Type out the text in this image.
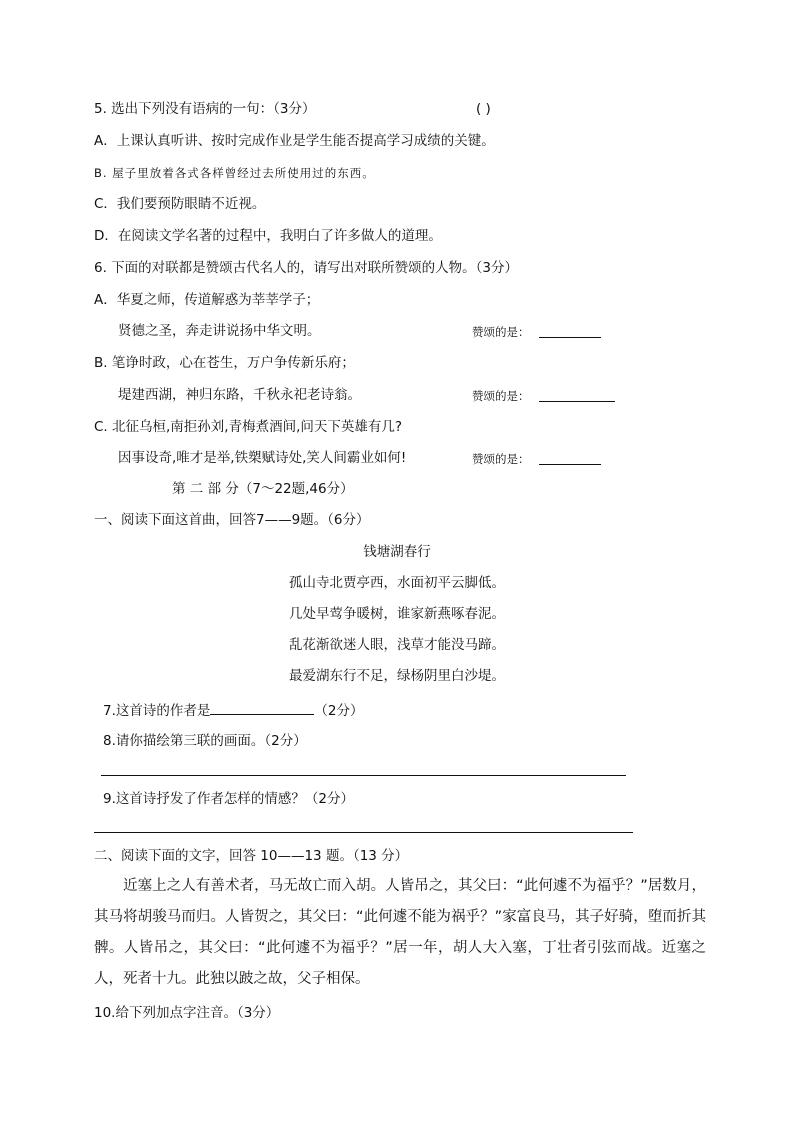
5. 选出下列没有语病的一句：（3分）	( )
A．上课认真听讲、按时完成作业是学生能否提高学习成绩的关键。
B. 屋子里放着各式各样曾经过去所使用过的东西。
C．我们要预防眼睛不近视。
D．在阅读文学名著的过程中，我明白了许多做人的道理。
6. 下面的对联都是赞颂古代名人的，请写出对联所赞颂的人物。（3分）
A．华夏之师，传道解惑为莘莘学子；
贤德之圣，奔走讲说扬中华文明。	赞颂的是：
B. 笔诤时政，心在苍生，万户争传新乐府；
堤建西湖，神归东路，千秋永祀老诗翁。	赞颂的是：
C. 北征乌桓,南拒孙刘,青梅煮酒间,问天下英雄有几?
因事设奇,唯才是举,铁槊赋诗处,笑人间霸业如何!	赞颂的是：
第 二 部 分（7～22题,46分）
一、阅读下面这首曲，回答7——9题。（6分）
钱塘湖春行
孤山寺北贾亭西，水面初平云脚低。
几处早莺争暖树，谁家新燕啄春泥。
乱花渐欲迷人眼，浅草才能没马蹄。
最爱湖东行不足，绿杨阴里白沙堤。
7.这首诗的作者是	（2分）
8.请你描绘第三联的画面。（2分）
9.这首诗抒发了作者怎样的情感？（2分）
二、阅读下面的文字，回答 10——13 题。（13 分）
近塞上之人有善术者，马无故亡而入胡。人皆吊之，其父曰：“此何遽不为福乎？”居数月，其马将胡骏马而归。人皆贺之，其父曰：“此何遽不能为祸乎？”家富良马，其子好骑，堕而折其髀。人皆吊之，其父曰：“此何遽不为福乎？”居一年，胡人大入塞，丁壮者引弦而战。近塞之人，死者十九。此独以跛之故，父子相保。
10.给下列加点字注音。（3分）
